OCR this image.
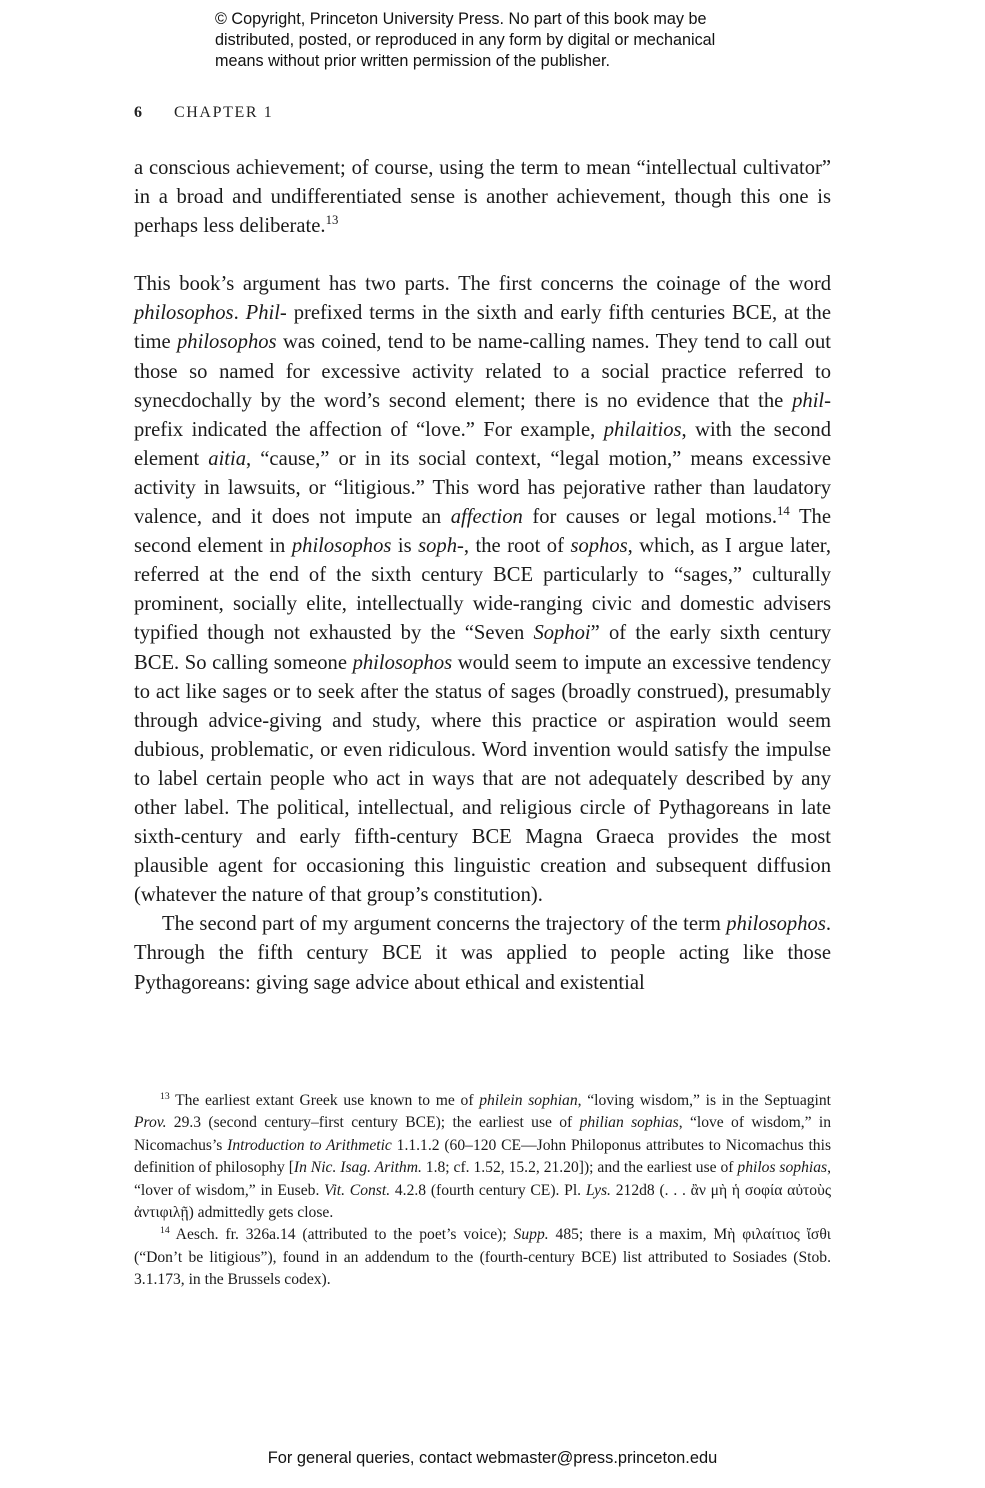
© Copyright, Princeton University Press. No part of this book may be
distributed, posted, or reproduced in any form by digital or mechanical
means without prior written permission of the publisher.
6 CHAPTER 1

a conscious achievement; of course, using the term to mean “intellectual cultivator” in a broad and undifferentiated sense is another achievement, though this one is perhaps less deliberate.$^{13}$

This book’s argument has two parts. The first concerns the coinage of the word philosophos. Phil- prefixed terms in the sixth and early fifth centuries BCE, at the time philosophos was coined, tend to be name-calling names. They tend to call out those so named for excessive activity related to a social practice referred to synecdochally by the word’s second element; there is no evidence that the phil- prefix indicated the affection of “love.” For example, philaitios, with the second element aitia, “cause,” or in its social context, “legal motion,” means excessive activity in lawsuits, or “litigious.” This word has pejorative rather than laudatory valence, and it does not impute an affection for causes or legal motions.$^{14}$ The second element in philosophos is soph-, the root of sophos, which, as I argue later, referred at the end of the sixth century BCE particularly to “sages,” culturally prominent, socially elite, intellectually wide-ranging civic and domestic advisers typified though not exhausted by the “Seven Sophoi” of the early sixth century BCE. So calling someone philosophos would seem to impute an excessive tendency to act like sages or to seek after the status of sages (broadly construed), presumably through advice-giving and study, where this practice or aspiration would seem dubious, problematic, or even ridiculous. Word invention would satisfy the impulse to label certain people who act in ways that are not adequately described by any other label. The political, intellectual, and religious circle of Pythagoreans in late sixth-century and early fifth-century BCE Magna Graeca provides the most plausible agent for occasioning this linguistic creation and subsequent diffusion (whatever the nature of that group’s constitution).

The second part of my argument concerns the trajectory of the term philosophos. Through the fifth century BCE it was applied to people acting like those Pythagoreans: giving sage advice about ethical and existential

$^{13}$ The earliest extant Greek use known to me of philein sophian, “loving wisdom,” is in the Septuagint Prov. 29.3 (second century–first century BCE); the earliest use of philian sophias, “love of wisdom,” in Nicomachus’s Introduction to Arithmetic 1.1.1.2 (60–120 CE—John Philoponus attributes to Nicomachus this definition of philosophy [In Nic. Isag. Arithm. 1.8; cf. 1.52, 15.2, 21.20]); and the earliest use of philos sophias, “lover of wisdom,” in Euseb. Vit. Const. 4.2.8 (fourth century CE). Pl. Lys. 212d8 (. . . ἂν μὴ ἡ σοφία αὐτοὺς ἀντιφιλῇ) admittedly gets close.

$^{14}$ Aesch. fr. 326a.14 (attributed to the poet’s voice); Supp. 485; there is a maxim, Μὴ φιλαίτιος ἴσθι (“Don’t be litigious”), found in an addendum to the (fourth-century BCE) list attributed to Sosiades (Stob. 3.1.173, in the Brussels codex).

For general queries, contact webmaster@press.princeton.edu
